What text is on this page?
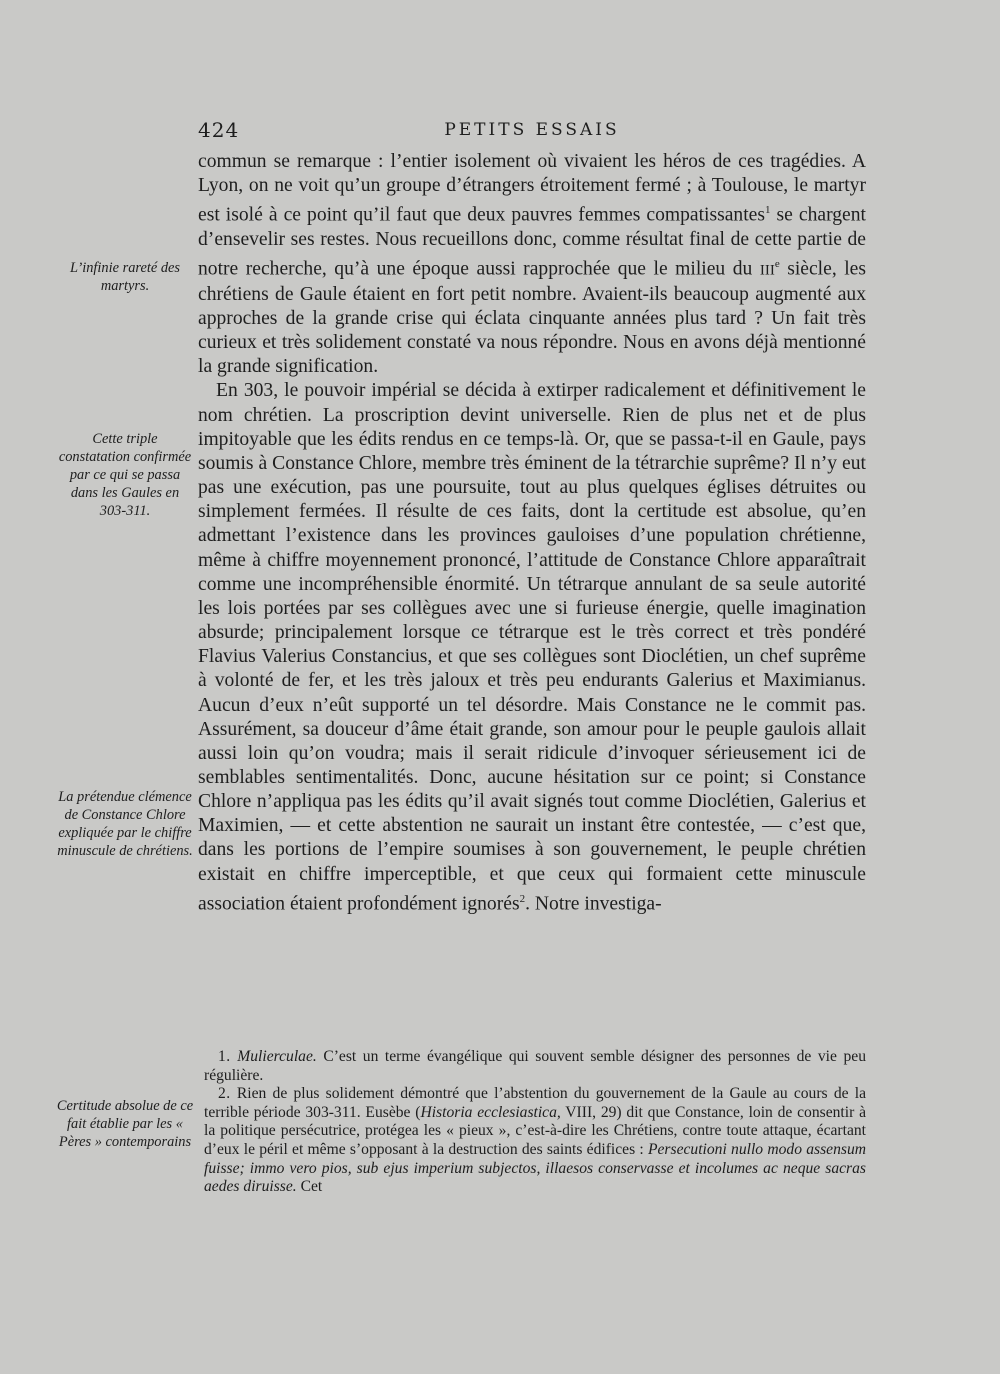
424	PETITS ESSAIS
L’infinie rareté des martyrs.
Cette triple constatation confirmée par ce qui se passa dans les Gaules en 303-311.
La prétendue clémence de Constance Chlore expliquée par le chiffre minuscule de chrétiens.
Certitude absolue de ce fait établie par les « Pères » contemporains

commun se remarque : l’entier isolement où vivaient les héros de ces tragédies. A Lyon, on ne voit qu’un groupe d’étrangers étroitement fermé ; à Toulouse, le martyr est isolé à ce point qu’il faut que deux pauvres femmes compatissantes$^1$ se chargent d’ensevelir ses restes. Nous recueillons donc, comme résultat final de cette partie de notre recherche, qu’à une époque aussi rapprochée que le milieu du IIIe siècle, les chrétiens de Gaule étaient en fort petit nombre. Avaient-ils beaucoup augmenté aux approches de la grande crise qui éclata cinquante années plus tard ? Un fait très curieux et très solidement constaté va nous répondre. Nous en avons déjà mentionné la grande signification.

En 303, le pouvoir impérial se décida à extirper radicalement et définitivement le nom chrétien. La proscription devint universelle. Rien de plus net et de plus impitoyable que les édits rendus en ce temps-là. Or, que se passa-t-il en Gaule, pays soumis à Constance Chlore, membre très éminent de la tétrarchie suprême? Il n’y eut pas une exécution, pas une poursuite, tout au plus quelques églises détruites ou simplement fermées. Il résulte de ces faits, dont la certitude est absolue, qu’en admettant l’existence dans les provinces gauloises d’une population chrétienne, même à chiffre moyennement prononcé, l’attitude de Constance Chlore apparaîtrait comme une incompréhensible énormité. Un tétrarque annulant de sa seule autorité les lois portées par ses collègues avec une si furieuse énergie, quelle imagination absurde; principalement lorsque ce tétrarque est le très correct et très pondéré Flavius Valerius Constancius, et que ses collègues sont Dioclétien, un chef suprême à volonté de fer, et les très jaloux et très peu endurants Galerius et Maximianus. Aucun d’eux n’eût supporté un tel désordre. Mais Constance ne le commit pas. Assurément, sa douceur d’âme était grande, son amour pour le peuple gaulois allait aussi loin qu’on voudra; mais il serait ridicule d’invoquer sérieusement ici de semblables sentimentalités. Donc, aucune hésitation sur ce point; si Constance Chlore n’appliqua pas les édits qu’il avait signés tout comme Dioclétien, Galerius et Maximien, — et cette abstention ne saurait un instant être contestée, — c’est que, dans les portions de l’empire soumises à son gouvernement, le peuple chrétien existait en chiffre imperceptible, et que ceux qui formaient cette minuscule association étaient profondément ignorés$^2$. Notre investiga-

1. Mulierculae. C’est un terme évangélique qui souvent semble désigner des personnes de vie peu régulière.

2. Rien de plus solidement démontré que l’abstention du gouvernement de la Gaule au cours de la terrible période 303-311. Eusèbe (Historia ecclesiastica, VIII, 29) dit que Constance, loin de consentir à la politique persécutrice, protégea les « pieux », c’est-à-dire les Chrétiens, contre toute attaque, écartant d’eux le péril et même s’opposant à la destruction des saints édifices : Persecutioni nullo modo assensum fuisse; immo vero pios, sub ejus imperium subjectos, illaesos conservasse et incolumes ac neque sacras aedes diruisse. Cet
